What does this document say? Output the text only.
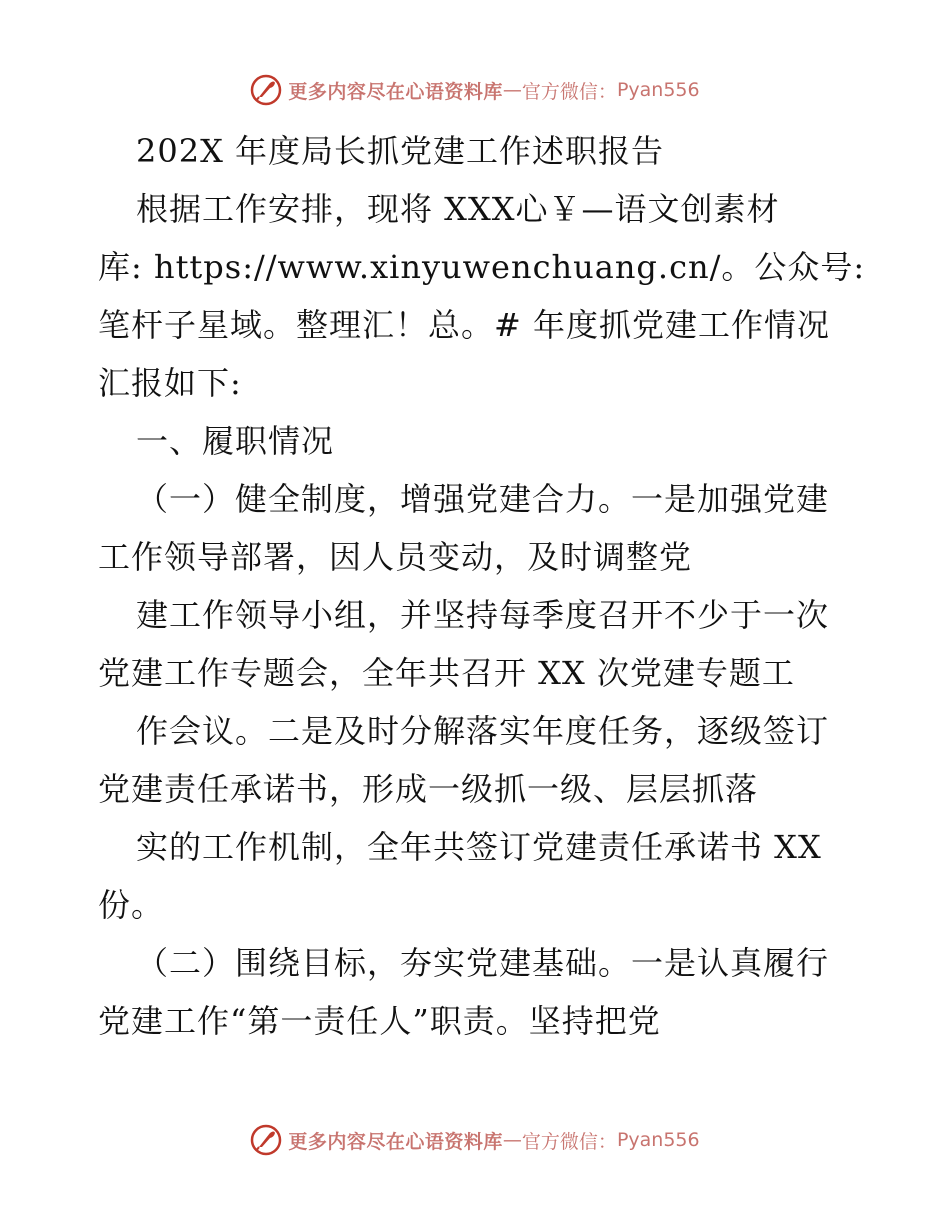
更多内容尽在心语资料库 — 官方微信： Pyan556
202X 年度局长抓党建工作述职报告
根据工作安排，现将 XXX心￥—语文创素材
库: https://www.xinyuwenchuang.cn/。公众号:
笔杆子星域。整理汇！总。# 年度抓党建工作情况
汇报如下:
一、履职情况
（一）健全制度，增强党建合力。一是加强党建
工作领导部署，因人员变动，及时调整党
建工作领导小组，并坚持每季度召开不少于一次
党建工作专题会，全年共召开 XX 次党建专题工
作会议。二是及时分解落实年度任务，逐级签订
党建责任承诺书，形成一级抓一级、层层抓落
实的工作机制，全年共签订党建责任承诺书 XX
份。
（二）围绕目标，夯实党建基础。一是认真履行
党建工作“第一责任人”职责。坚持把党
更多内容尽在心语资料库 — 官方微信： Pyan556
